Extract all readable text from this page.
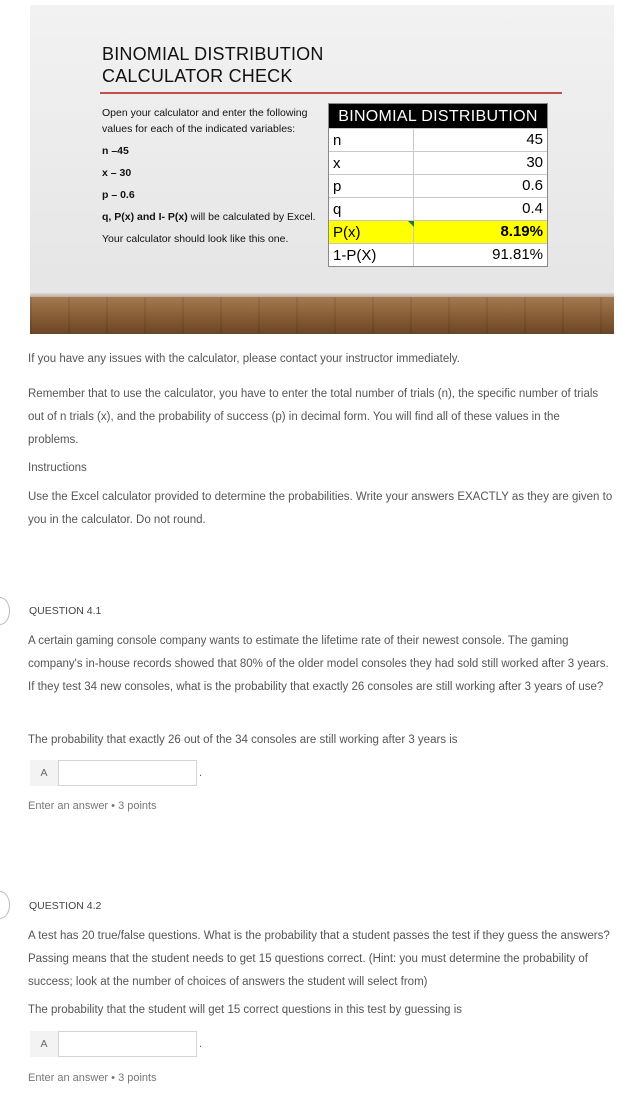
BINOMIAL DISTRIBUTION CALCULATOR CHECK

Open your calculator and enter the following values for each of the indicated variables:

n –45

x – 30

p – 0.6

q, P(x) and I- P(x) will be calculated by Excel.

Your calculator should look like this one.

BINOMIAL DISTRIBUTION
n	45
x	30
p	0.6
q	0.4
P(x)	8.19%
1-P(X)	91.81%
If you have any issues with the calculator, please contact your instructor immediately.
Remember that to use the calculator, you have to enter the total number of trials (n), the specific number of trials out of n trials (x), and the probability of success (p) in decimal form. You will find all of these values in the problems.
Instructions
Use the Excel calculator provided to determine the probabilities. Write your answers EXACTLY as they are given to you in the calculator. Do not round.
QUESTION 4.1
A certain gaming console company wants to estimate the lifetime rate of their newest console. The gaming company's in-house records showed that 80% of the older model consoles they had sold still worked after 3 years. If they test 34 new consoles, what is the probability that exactly 26 consoles are still working after 3 years of use?
The probability that exactly 26 out of the 34 consoles are still working after 3 years is
A	.
Enter an answer • 3 points
QUESTION 4.2
A test has 20 true/false questions. What is the probability that a student passes the test if they guess the answers? Passing means that the student needs to get 15 questions correct. (Hint: you must determine the probability of success; look at the number of choices of answers the student will select from)
The probability that the student will get 15 correct questions in this test by guessing is
A	.
Enter an answer • 3 points
